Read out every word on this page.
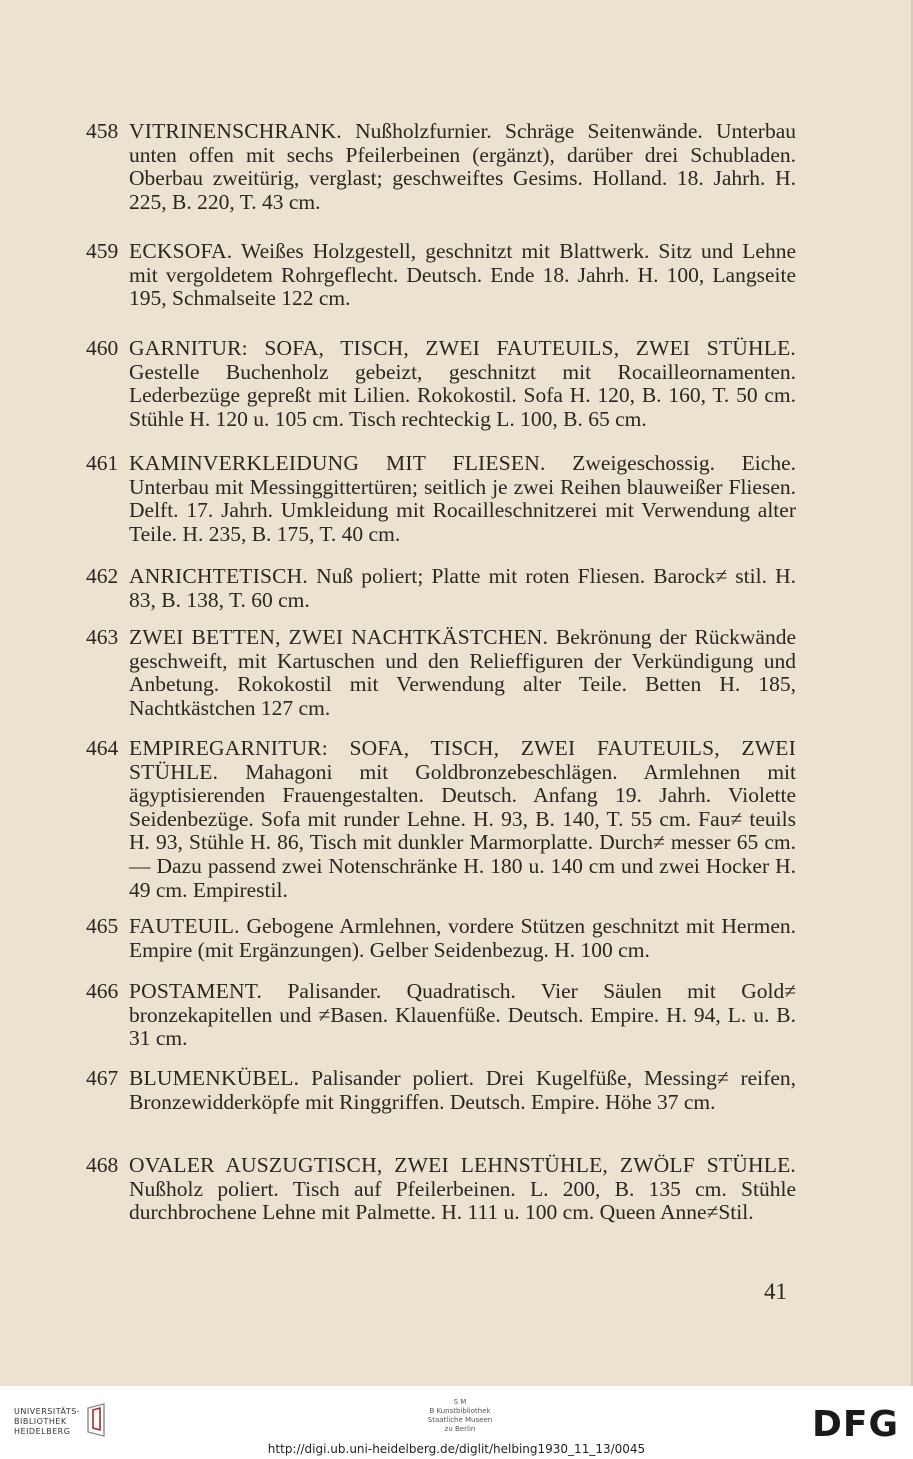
458 VITRINENSCHRANK. Nußholzfurnier. Schräge Seitenwände. Unterbau unten offen mit sechs Pfeilerbeinen (ergänzt), darüber drei Schubladen. Oberbau zweitürig, verglast; geschweiftes Gesims. Holland. 18. Jahrh. H. 225, B. 220, T. 43 cm.
459 ECKSOFA. Weißes Holzgestell, geschnitzt mit Blattwerk. Sitz und Lehne mit vergoldetem Rohrgeflecht. Deutsch. Ende 18. Jahrh. H. 100, Langseite 195, Schmalseite 122 cm.
460 GARNITUR: SOFA, TISCH, ZWEI FAUTEUILS, ZWEI STÜHLE. Gestelle Buchenholz gebeizt, geschnitzt mit Rocailleornamenten. Lederbezüge gepreßt mit Lilien. Rokokostil. Sofa H. 120, B. 160, T. 50 cm. Stühle H. 120 u. 105 cm. Tisch rechteckig L. 100, B. 65 cm.
461 KAMINVERKLEIDUNG MIT FLIESEN. Zweigeschossig. Eiche. Unterbau mit Messinggittertüren; seitlich je zwei Reihen blauweißer Fliesen. Delft. 17. Jahrh. Umkleidung mit Rocailleschnitzerei mit Verwendung alter Teile. H. 235, B. 175, T. 40 cm.
462 ANRICHTETISCH. Nuß poliert; Platte mit roten Fliesen. Barock≠ stil. H. 83, B. 138, T. 60 cm.
463 ZWEI BETTEN, ZWEI NACHTKÄSTCHEN. Bekrönung der Rückwände geschweift, mit Kartuschen und den Relieffiguren der Verkündigung und Anbetung. Rokokostil mit Verwendung alter Teile. Betten H. 185, Nachtkästchen 127 cm.
464 EMPIREGARNITUR: SOFA, TISCH, ZWEI FAUTEUILS, ZWEI STÜHLE. Mahagoni mit Goldbronzebeschlägen. Armlehnen mit ägyptisierenden Frauengestalten. Deutsch. Anfang 19. Jahrh. Violette Seidenbezüge. Sofa mit runder Lehne. H. 93, B. 140, T. 55 cm. Fau≠ teuils H. 93, Stühle H. 86, Tisch mit dunkler Marmorplatte. Durch≠ messer 65 cm. — Dazu passend zwei Notenschränke H. 180 u. 140 cm und zwei Hocker H. 49 cm. Empirestil.
465 FAUTEUIL. Gebogene Armlehnen, vordere Stützen geschnitzt mit Hermen. Empire (mit Ergänzungen). Gelber Seidenbezug. H. 100 cm.
466 POSTAMENT. Palisander. Quadratisch. Vier Säulen mit Gold≠ bronzekapitellen und ≠Basen. Klauenfüße. Deutsch. Empire. H. 94, L. u. B. 31 cm.
467 BLUMENKÜBEL. Palisander poliert. Drei Kugelfüße, Messing≠ reifen, Bronzewidderköpfe mit Ringgriffen. Deutsch. Empire. Höhe 37 cm.
468 OVALER AUSZUGTISCH, ZWEI LEHNSTÜHLE, ZWÖLF STÜHLE. Nußholz poliert. Tisch auf Pfeilerbeinen. L. 200, B. 135 cm. Stühle durchbrochene Lehne mit Palmette. H. 111 u. 100 cm. Queen Anne≠Stil.
41
UNIVERSITÄTS-
BIBLIOTHEK
HEIDELBERG
S M
B Kunstbibliothek
Staatliche Museen
zu Berlin	DFG
http://digi.ub.uni-heidelberg.de/diglit/helbing1930_11_13/0045
